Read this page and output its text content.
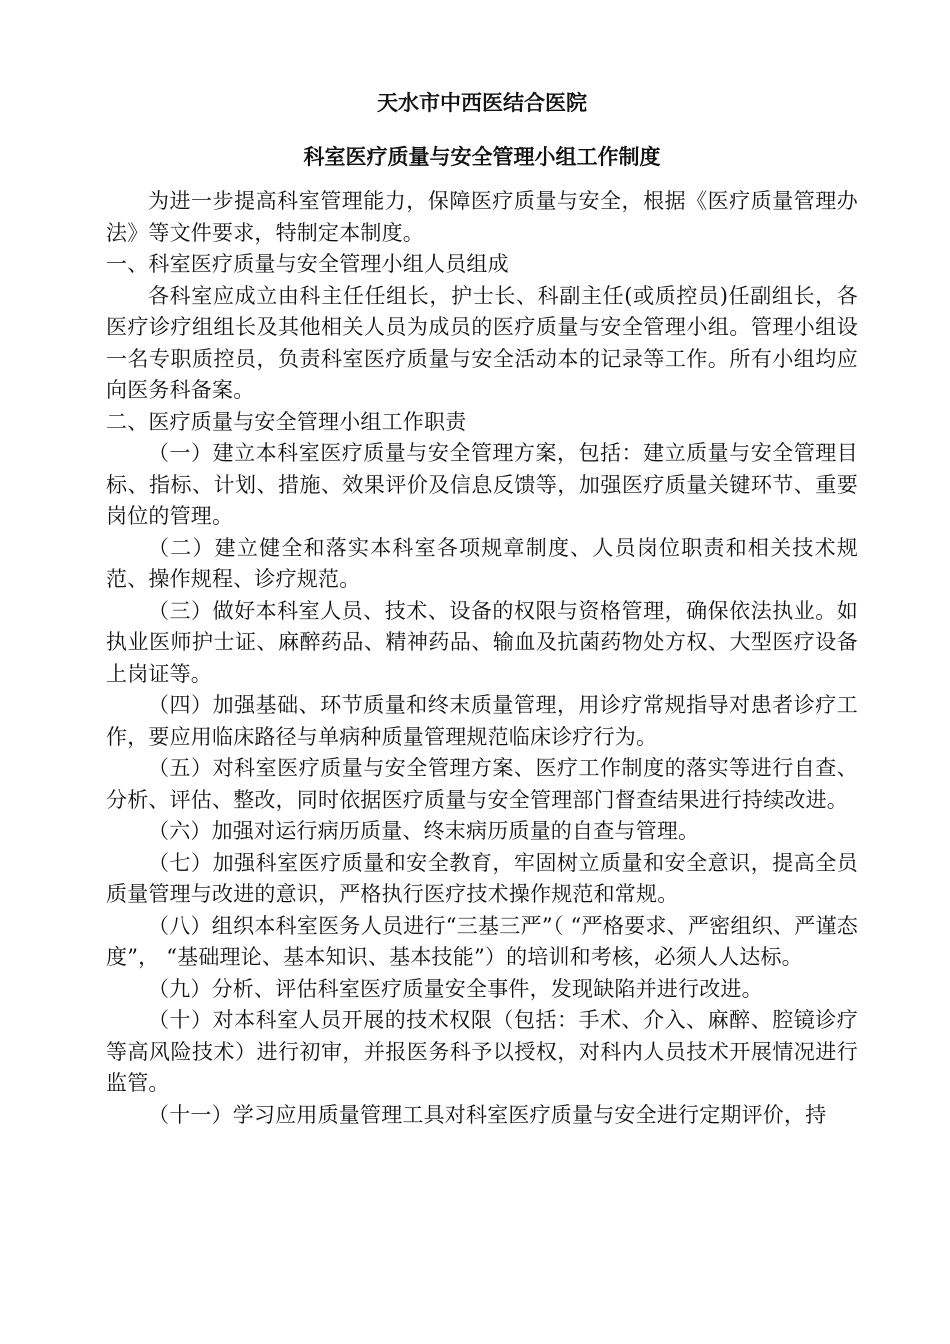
天水市中西医结合医院
科室医疗质量与安全管理小组工作制度

为进一步提高科室管理能力，保障医疗质量与安全，根据《医疗质量管理办法》等文件要求，特制定本制度。

一、科室医疗质量与安全管理小组人员组成

各科室应成立由科主任任组长，护士长、科副主任(或质控员)任副组长，各医疗诊疗组组长及其他相关人员为成员的医疗质量与安全管理小组。管理小组设一名专职质控员，负责科室医疗质量与安全活动本的记录等工作。所有小组均应向医务科备案。

二、医疗质量与安全管理小组工作职责

（一）建立本科室医疗质量与安全管理方案，包括：建立质量与安全管理目标、指标、计划、措施、效果评价及信息反馈等，加强医疗质量关键环节、重要岗位的管理。

（二）建立健全和落实本科室各项规章制度、人员岗位职责和相关技术规范、操作规程、诊疗规范。

（三）做好本科室人员、技术、设备的权限与资格管理，确保依法执业。如执业医师护士证、麻醉药品、精神药品、输血及抗菌药物处方权、大型医疗设备上岗证等。

（四）加强基础、环节质量和终末质量管理，用诊疗常规指导对患者诊疗工作，要应用临床路径与单病种质量管理规范临床诊疗行为。

（五）对科室医疗质量与安全管理方案、医疗工作制度的落实等进行自查、分析、评估、整改，同时依据医疗质量与安全管理部门督查结果进行持续改进。

（六）加强对运行病历质量、终末病历质量的自查与管理。

（七）加强科室医疗质量和安全教育，牢固树立质量和安全意识，提高全员质量管理与改进的意识，严格执行医疗技术操作规范和常规。

（八）组织本科室医务人员进行“三基三严”（ “严格要求、严密组织、严谨态度”， “基础理论、基本知识、基本技能”）的培训和考核，必须人人达标。

（九）分析、评估科室医疗质量安全事件，发现缺陷并进行改进。

（十）对本科室人员开展的技术权限（包括：手术、介入、麻醉、腔镜诊疗等高风险技术）进行初审，并报医务科予以授权，对科内人员技术开展情况进行监管。

（十一）学习应用质量管理工具对科室医疗质量与安全进行定期评价，持
